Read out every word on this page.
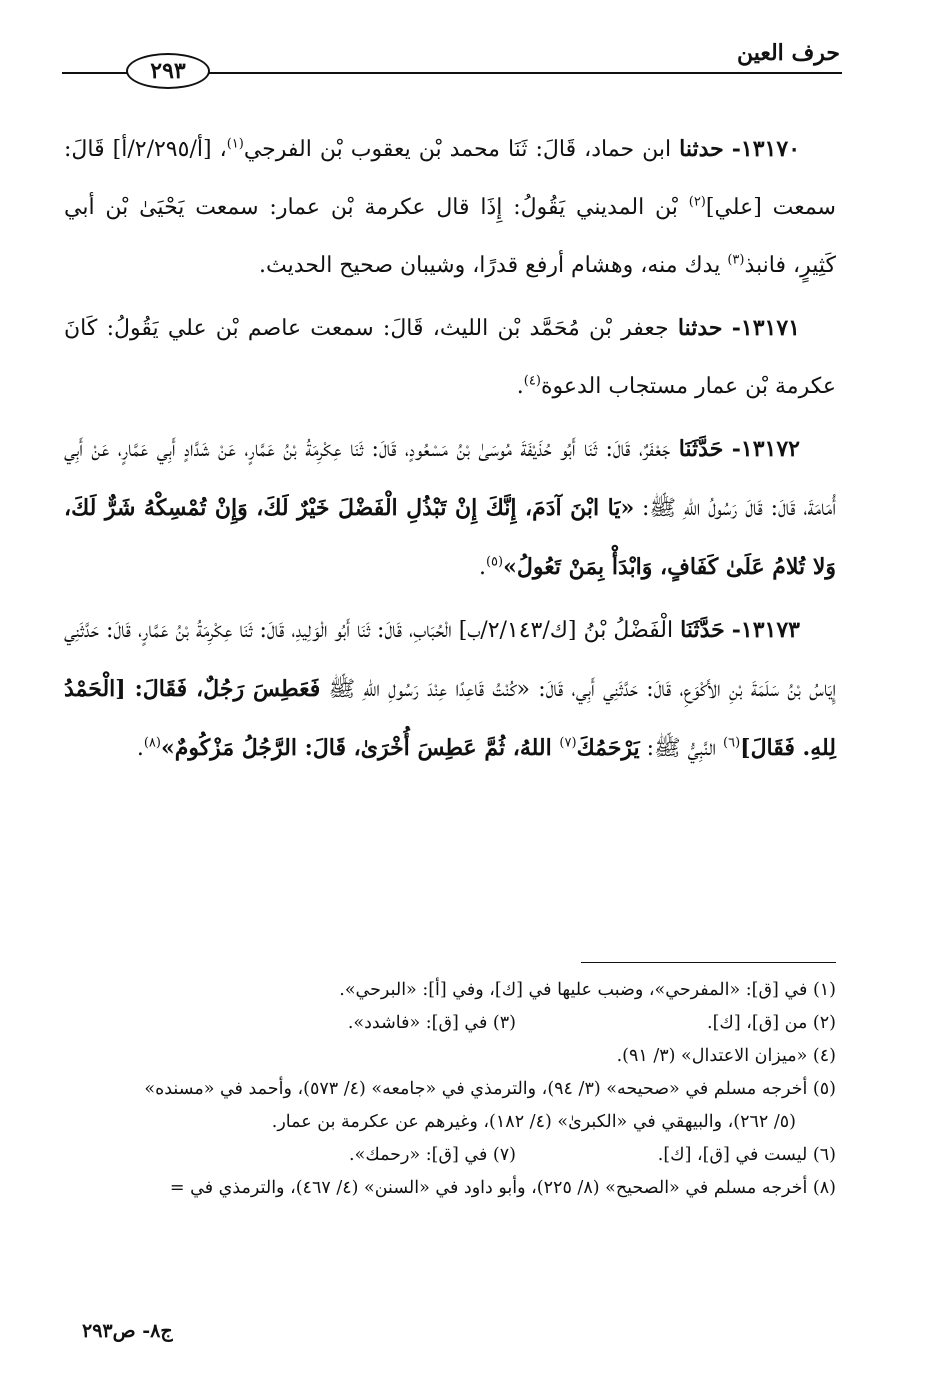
حرف العين
٢٩٣

١٣١٧٠- حدثنا ابن حماد، قَالَ: ثَنَا محمد بْن يعقوب بْن الفرجي$^{(١)}$، [أ/٢/٢٩٥/أ] قَالَ: سمعت [علي]$^{(٢)}$ بْن المديني يَقُولُ: إِذَا قال عكرمة بْن عمار: سمعت يَحْيَىٰ بْن أبي كَثِيرٍ، فانبذ$^{(٣)}$ يدك منه، وهشام أرفع قدرًا، وشيبان صحيح الحديث.

١٣١٧١- حدثنا جعفر بْن مُحَمَّد بْن الليث، قَالَ: سمعت عاصم بْن علي يَقُولُ: كَانَ عكرمة بْن عمار مستجاب الدعوة$^{(٤)}$.

١٣١٧٢- حَدَّثَنَا جَعْفَرٌ، قَالَ: ثَنَا أَبُو حُذَيْفَةَ مُوسَىٰ بْنُ مَسْعُودٍ، قَالَ: ثَنَا عِكْرِمَةُ بْنُ عَمَّارٍ، عَنْ شَدَّادٍ أَبِي عَمَّارٍ، عَنْ أَبِي أُمَامَةَ، قَالَ: قَالَ رَسُولُ اللهِ ﷺ: «يَا ابْنَ آدَمَ، إِنَّكَ إِنْ تَبْذُلِ الْفَضْلَ خَيْرٌ لَكَ، وَإِنْ تُمْسِكْهُ شَرٌّ لَكَ، وَلا تُلامُ عَلَىٰ كَفَافٍ، وَابْدَأْ بِمَنْ تَعُولُ»$^{(٥)}$.

١٣١٧٣- حَدَّثَنَا الْفَضْلُ بْنُ [ك/٢/١٤٣/ب] الْحُبَابِ، قَالَ: ثَنَا أَبُو الْوَلِيدِ، قَالَ: ثَنَا عِكْرِمَةُ بْنُ عَمَّارٍ، قَالَ: حَدَّثَنِي إِيَاسُ بْنُ سَلَمَةَ بْنِ الأَكْوَعِ، قَالَ: حَدَّثَنِي أَبِي، قَالَ: «كُنْتُ قَاعِدًا عِنْدَ رَسُولِ اللهِ ﷺ فَعَطِسَ رَجُلٌ، فَقَالَ: [الْحَمْدُ لِلهِ. فَقَالَ]$^{(٦)}$ النَّبِيُّ ﷺ: يَرْحَمُكَ$^{(٧)}$ اللهُ، ثُمَّ عَطِسَ أُخْرَىٰ، قَالَ: الرَّجُلُ مَزْكُومٌ»$^{(٨)}$.

(١) في [ق]: «المفرحي»، وضبب عليها في [ك]، وفي [أ]: «البرحي».

(٢) من [ق]، [ك].

(٣) في [ق]: «فاشدد».

(٤) «ميزان الاعتدال» (٣/ ٩١).

(٥) أخرجه مسلم في «صحيحه» (٣/ ٩٤)، والترمذي في «جامعه» (٤/ ٥٧٣)، وأحمد في «مسنده»

(٥/ ٢٦٢)، والبيهقي في «الكبرىٰ» (٤/ ١٨٢)، وغيرهم عن عكرمة بن عمار.

(٦) ليست في [ق]، [ك].

(٧) في [ق]: «رحمك».

(٨) أخرجه مسلم في «الصحيح» (٨/ ٢٢٥)، وأبو داود في «السنن» (٤/ ٤٦٧)، والترمذي في =

ج٨- ص٢٩٣
